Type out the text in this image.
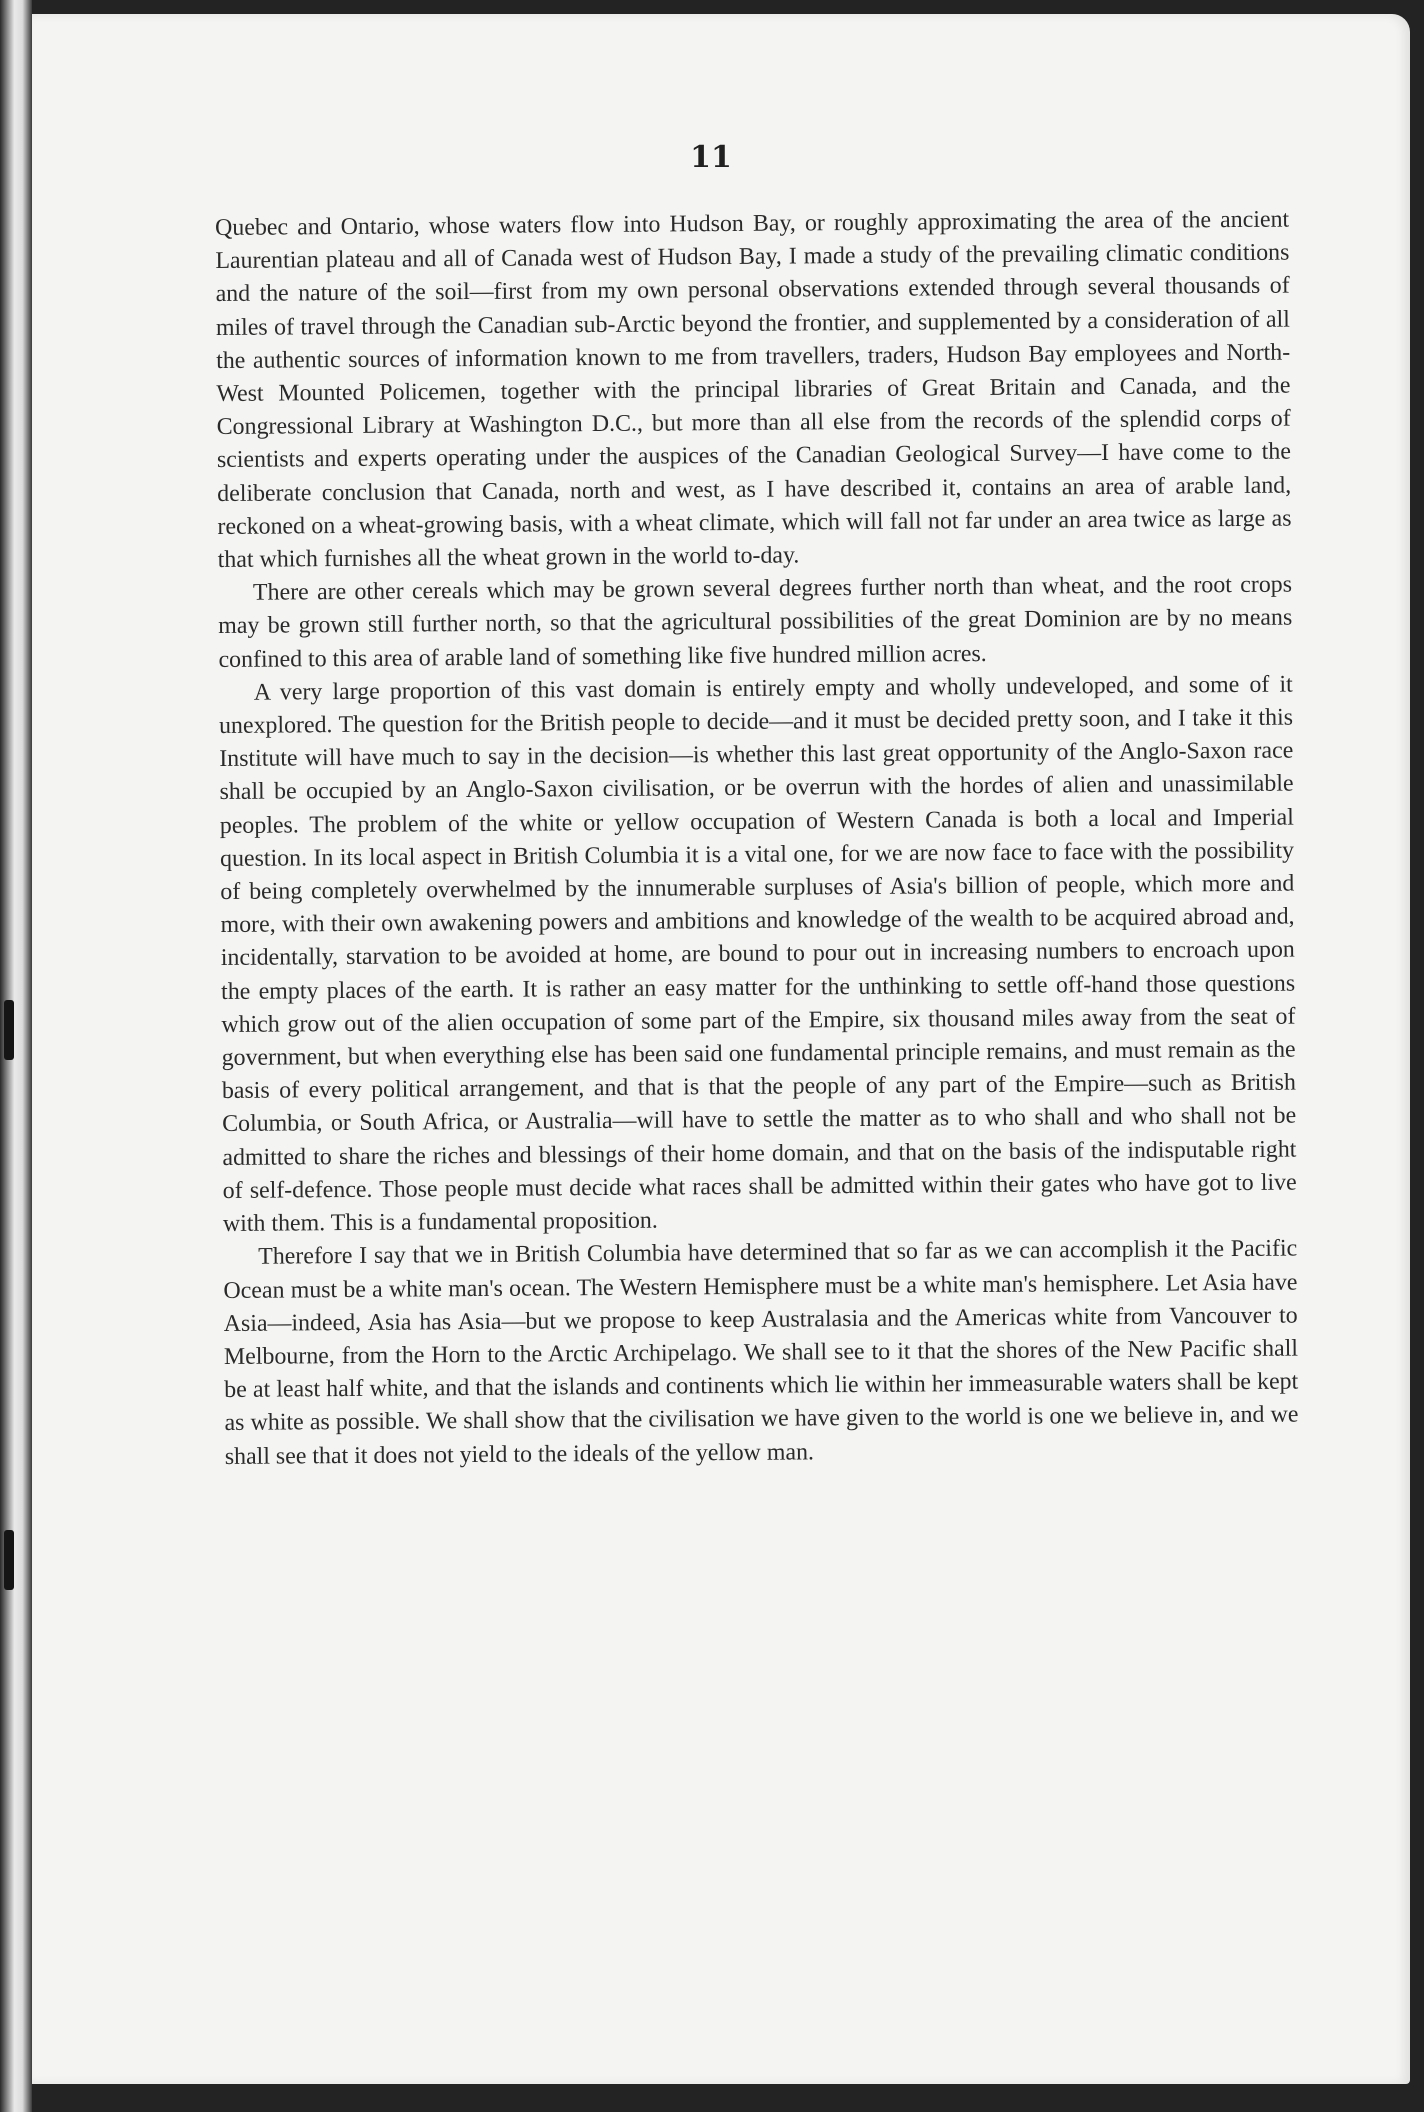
11

Quebec and Ontario, whose waters flow into Hudson Bay, or roughly approximating the area of the ancient Laurentian plateau and all of Canada west of Hudson Bay, I made a study of the prevailing climatic conditions and the nature of the soil—first from my own personal observations extended through several thousands of miles of travel through the Canadian sub-Arctic beyond the frontier, and supplemented by a consideration of all the authentic sources of information known to me from travellers, traders, Hudson Bay employees and North-West Mounted Policemen, together with the principal libraries of Great Britain and Canada, and the Congressional Library at Washington D.C., but more than all else from the records of the splendid corps of scientists and experts operating under the auspices of the Canadian Geological Survey—I have come to the deliberate conclusion that Canada, north and west, as I have described it, contains an area of arable land, reckoned on a wheat-growing basis, with a wheat climate, which will fall not far under an area twice as large as that which furnishes all the wheat grown in the world to-day.

There are other cereals which may be grown several degrees further north than wheat, and the root crops may be grown still further north, so that the agricultural possibilities of the great Dominion are by no means confined to this area of arable land of something like five hundred million acres.

A very large proportion of this vast domain is entirely empty and wholly undeveloped, and some of it unexplored. The question for the British people to decide—and it must be decided pretty soon, and I take it this Institute will have much to say in the decision—is whether this last great opportunity of the Anglo-Saxon race shall be occupied by an Anglo-Saxon civilisation, or be overrun with the hordes of alien and unassimilable peoples. The problem of the white or yellow occupation of Western Canada is both a local and Imperial question. In its local aspect in British Columbia it is a vital one, for we are now face to face with the possibility of being completely overwhelmed by the innumerable surpluses of Asia's billion of people, which more and more, with their own awakening powers and ambitions and knowledge of the wealth to be acquired abroad and, incidentally, starvation to be avoided at home, are bound to pour out in increasing numbers to encroach upon the empty places of the earth. It is rather an easy matter for the unthinking to settle off-hand those questions which grow out of the alien occupation of some part of the Empire, six thousand miles away from the seat of government, but when everything else has been said one fundamental principle remains, and must remain as the basis of every political arrangement, and that is that the people of any part of the Empire—such as British Columbia, or South Africa, or Australia—will have to settle the matter as to who shall and who shall not be admitted to share the riches and blessings of their home domain, and that on the basis of the indisputable right of self-defence. Those people must decide what races shall be admitted within their gates who have got to live with them. This is a fundamental proposition.

Therefore I say that we in British Columbia have determined that so far as we can accomplish it the Pacific Ocean must be a white man's ocean. The Western Hemisphere must be a white man's hemisphere. Let Asia have Asia—indeed, Asia has Asia—but we propose to keep Australasia and the Americas white from Vancouver to Melbourne, from the Horn to the Arctic Archipelago. We shall see to it that the shores of the New Pacific shall be at least half white, and that the islands and continents which lie within her immeasurable waters shall be kept as white as possible. We shall show that the civilisation we have given to the world is one we believe in, and we shall see that it does not yield to the ideals of the yellow man.
